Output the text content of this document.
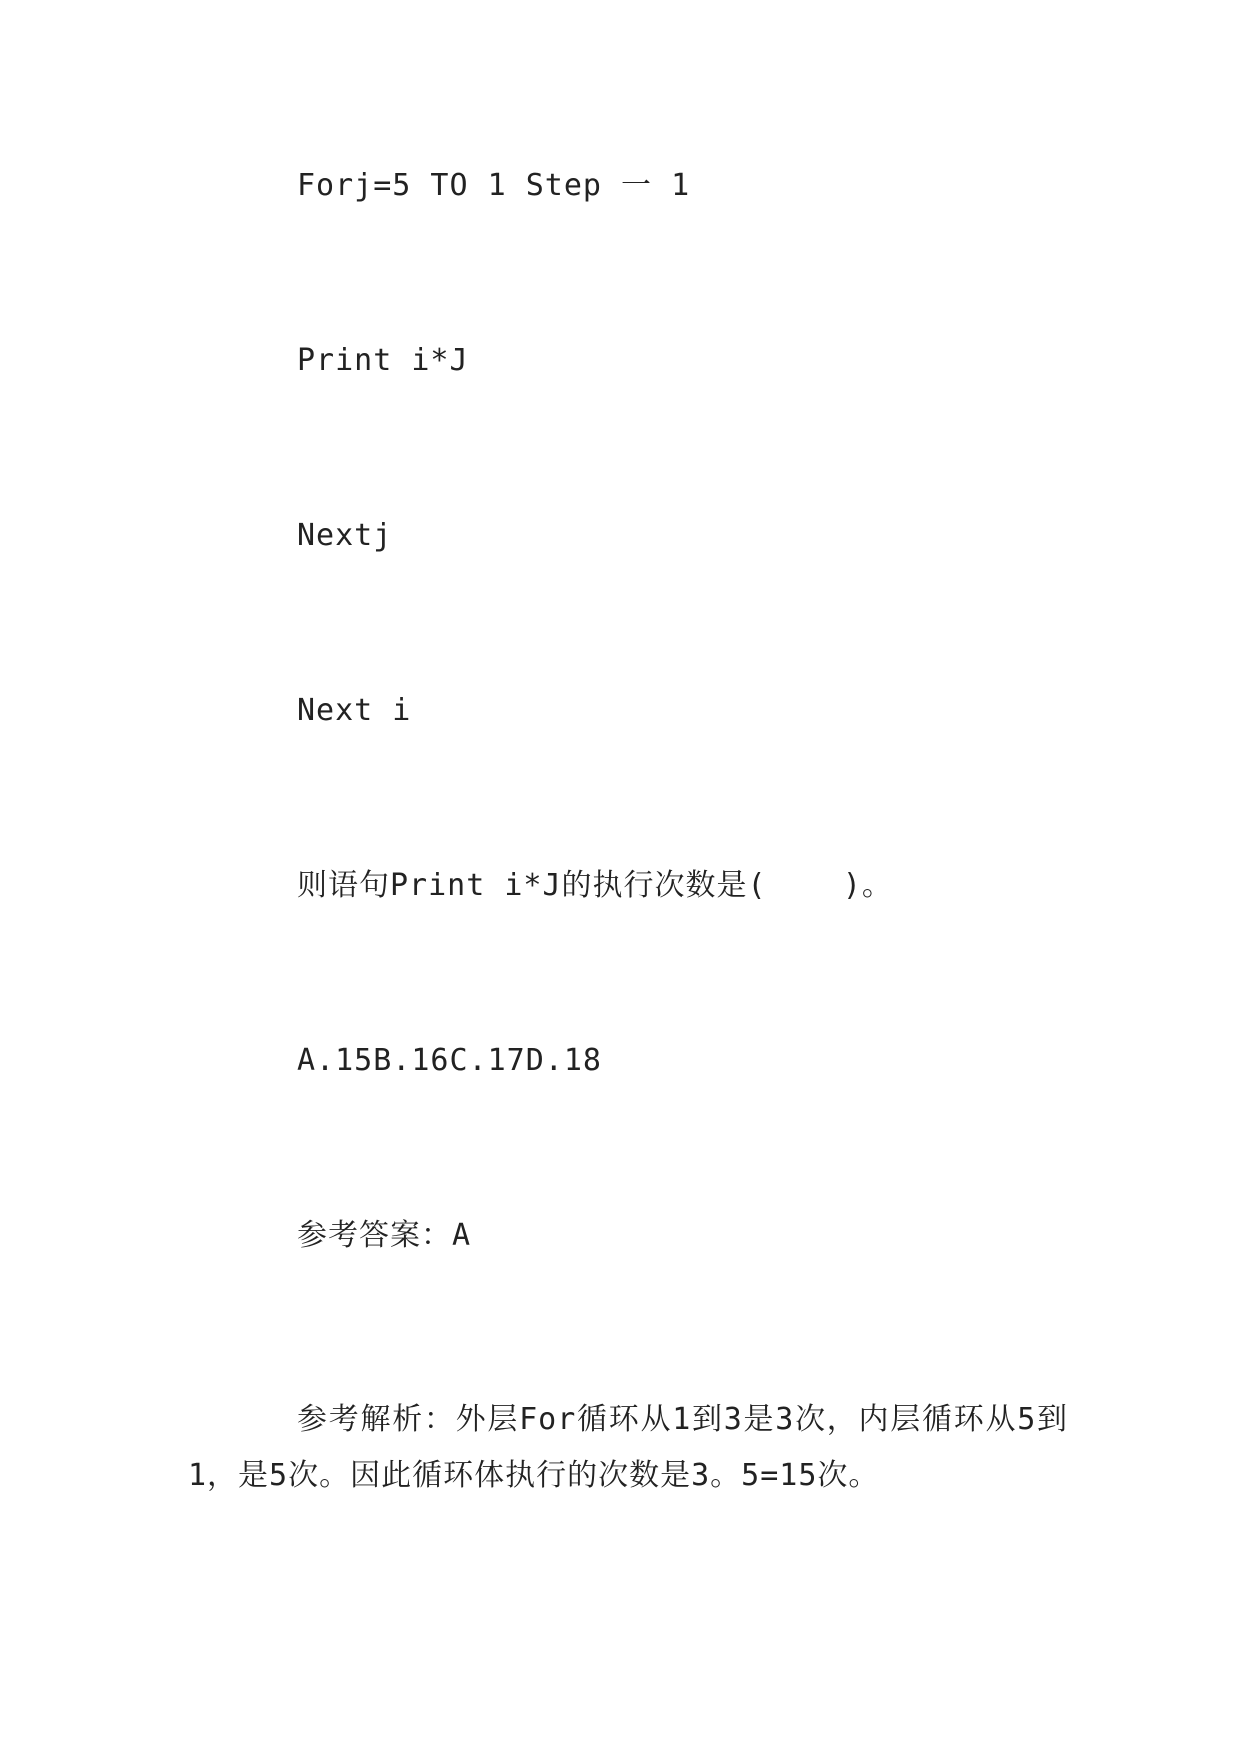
Forj=5 TO 1 Step 一 1
Print i*J
Nextj
Next i
则语句Print i*J的执行次数是(    )。
A.15B.16C.17D.18
参考答案：A
参考解析：外层For循环从1到3是3次，内层循环从5到1，是5次。因此循环体执行的次数是3。5=15次。
